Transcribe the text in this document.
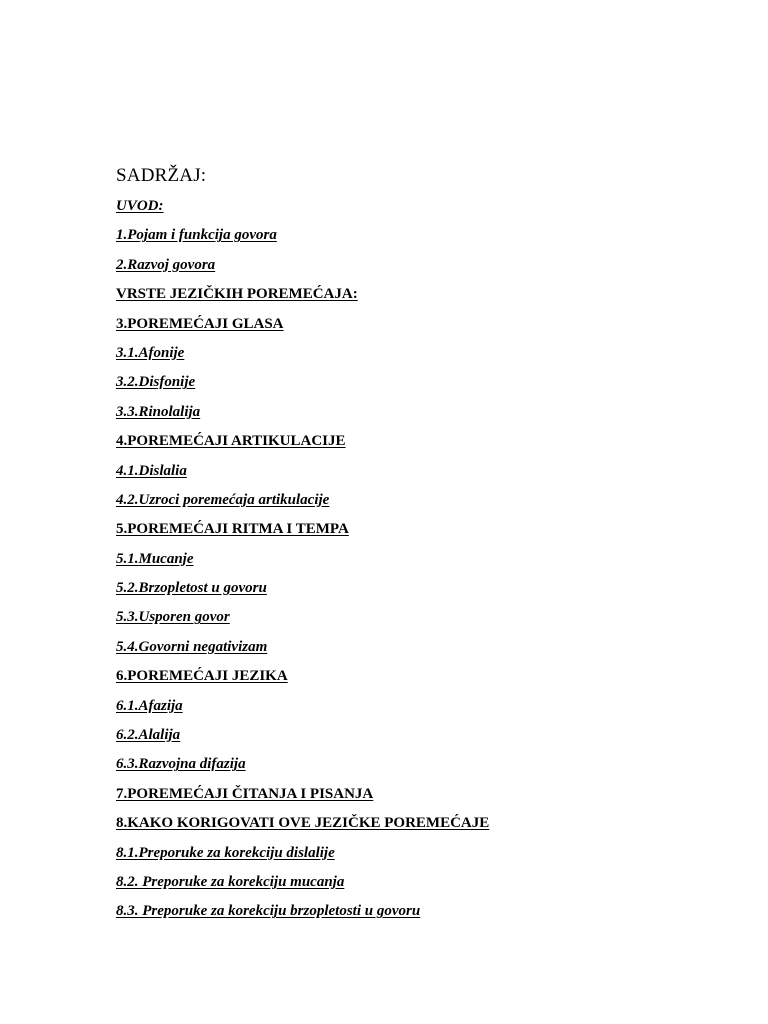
SADRŽAJ:
UVOD:
1.Pojam i funkcija govora
2.Razvoj govora
VRSTE JEZIČKIH POREMEĆAJA:
3.POREMEĆAJI GLASA
3.1.Afonije
3.2.Disfonije
3.3.Rinolalija
4.POREMEĆAJI ARTIKULACIJE
4.1.Dislalia
4.2.Uzroci poremećaja artikulacije
5.POREMEĆAJI RITMA I TEMPA
5.1.Mucanje
5.2.Brzopletost u govoru
5.3.Usporen govor
5.4.Govorni negativizam
6.POREMEĆAJI JEZIKA
6.1.Afazija
6.2.Alalija
6.3.Razvojna difazija
7.POREMEĆAJI ČITANJA I PISANJA
8.KAKO KORIGOVATI OVE JEZIČKE POREMEĆAJE
8.1.Preporuke za korekciju dislalije
8.2. Preporuke za korekciju mucanja
8.3. Preporuke za korekciju brzopletosti u govoru
